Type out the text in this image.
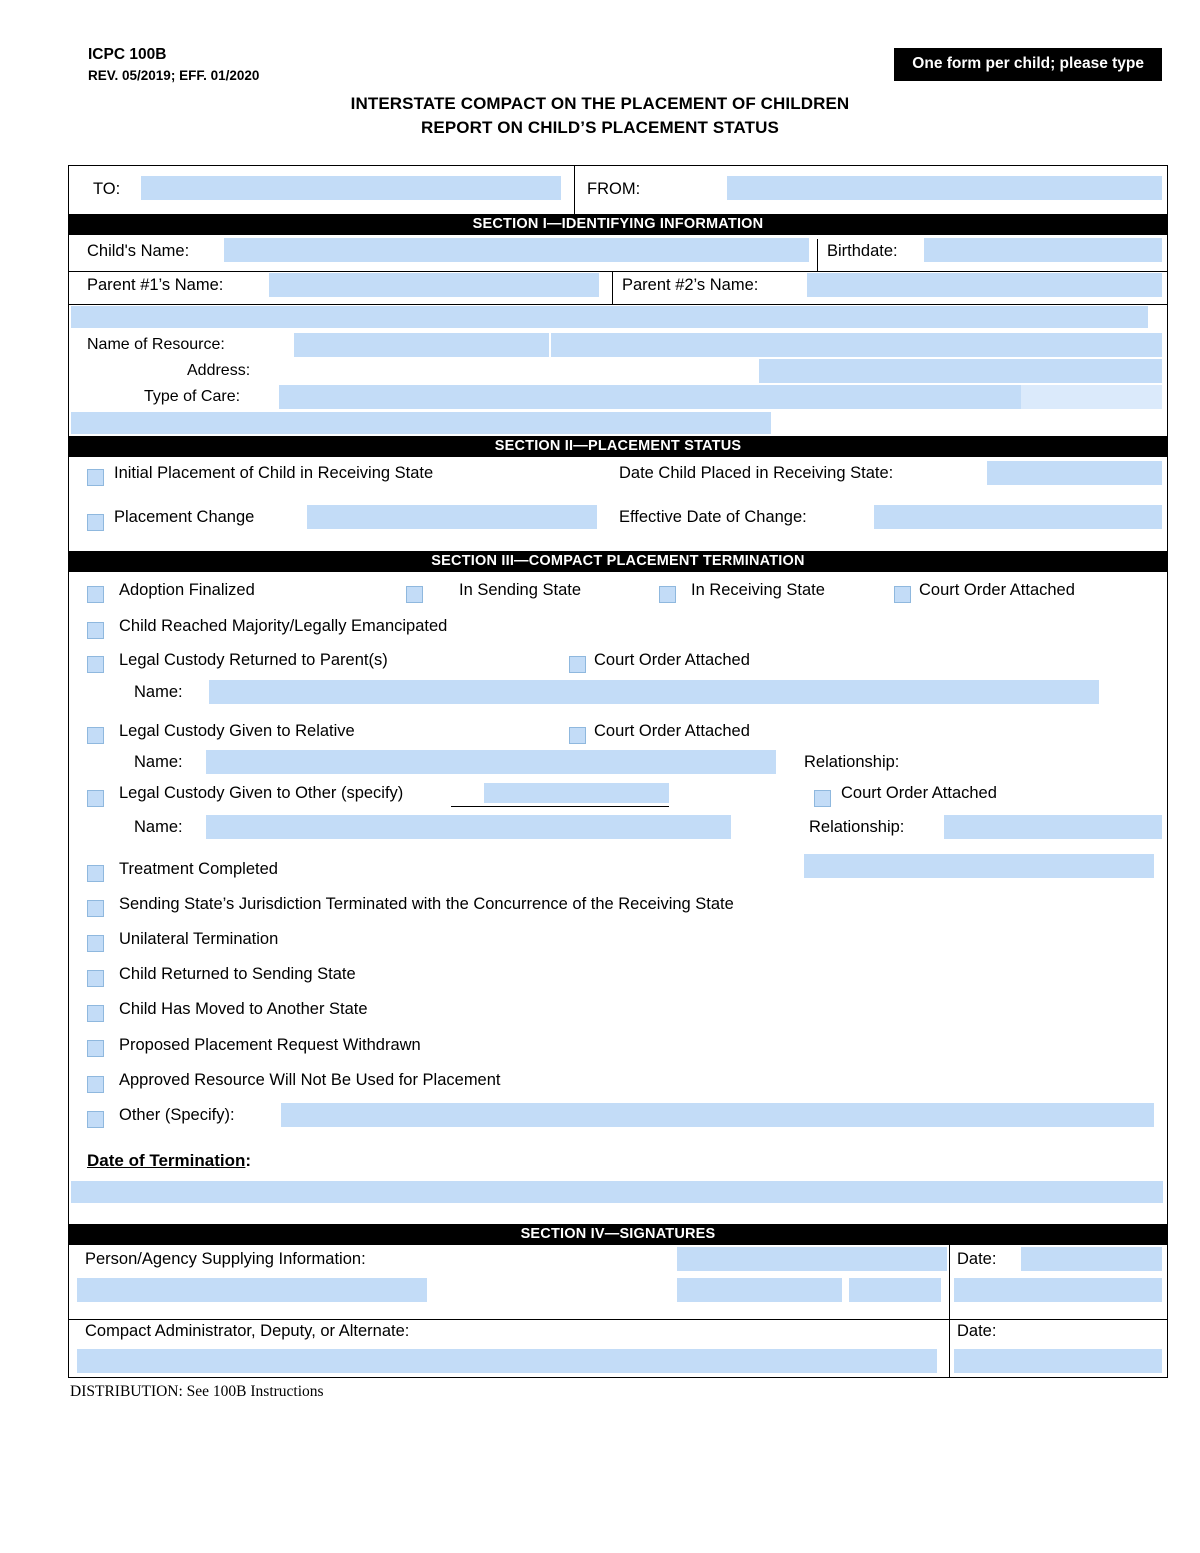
ICPC 100B
REV. 05/2019; EFF. 01/2020
One form per child; please type
INTERSTATE COMPACT ON THE PLACEMENT OF CHILDREN
REPORT ON CHILD’S PLACEMENT STATUS
TO:	FROM:
SECTION I—IDENTIFYING INFORMATION
Child's Name:	Birthdate:
Parent #1’s Name:	Parent #2’s Name:
Name of Resource:
Address:
Type of Care:
SECTION II—PLACEMENT STATUS
Initial Placement of Child in Receiving State	Date Child Placed in Receiving State:
Placement Change	Effective Date of Change:
SECTION III—COMPACT PLACEMENT TERMINATION
Adoption Finalized	In Sending State	In Receiving State	Court Order Attached
Child Reached Majority/Legally Emancipated
Legal Custody Returned to Parent(s)	Court Order Attached
Name:
Legal Custody Given to Relative	Court Order Attached
Name:	Relationship:
Legal Custody Given to Other (specify)	Court Order Attached
Name:	Relationship:
Treatment Completed
Sending State’s Jurisdiction Terminated with the Concurrence of the Receiving State
Unilateral Termination
Child Returned to Sending State
Child Has Moved to Another State
Proposed Placement Request Withdrawn
Approved Resource Will Not Be Used for Placement
Other (Specify):
Date of Termination:
SECTION IV—SIGNATURES
Person/Agency Supplying Information:	Date:
Compact Administrator, Deputy, or Alternate:	Date:
DISTRIBUTION: See 100B Instructions
